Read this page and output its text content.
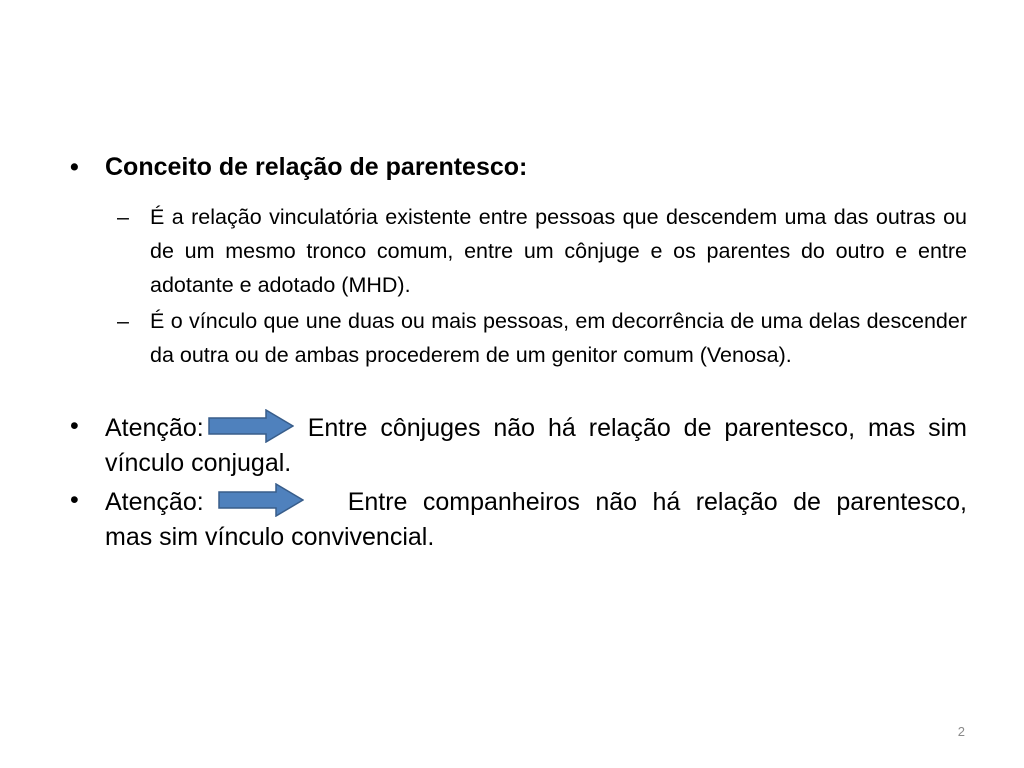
• Conceito de relação de parentesco:
– É a relação vinculatória existente entre pessoas que descendem uma das outras ou de um mesmo tronco comum, entre um cônjuge e os parentes do outro e entre adotante e adotado (MHD).
– É o vínculo que une duas ou mais pessoas, em decorrência de uma delas descender da outra ou de ambas procederem de um genitor comum (Venosa).
• Atenção:	Entre cônjuges não há relação de parentesco, mas sim vínculo conjugal.
• Atenção:	Entre companheiros não há relação de parentesco, mas sim vínculo convivencial.
2
